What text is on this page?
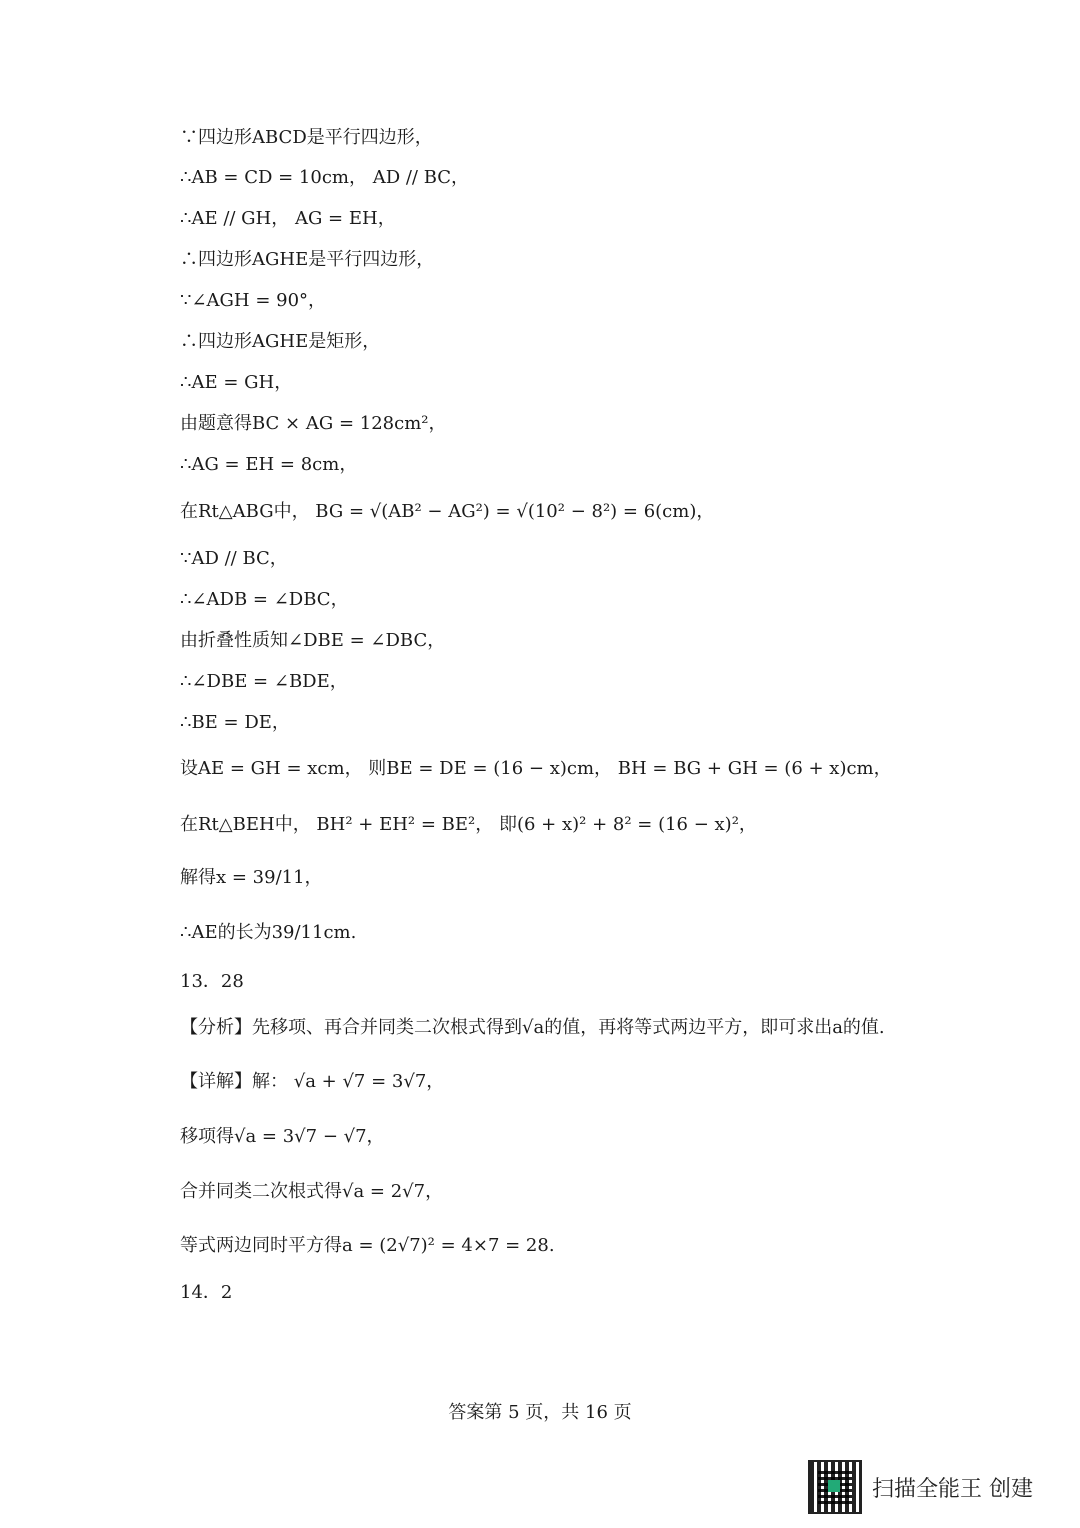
∵四边形ABCD是平行四边形，
∴AB = CD = 10cm， AD // BC，
∴AE // GH， AG = EH，
∴四边形AGHE是平行四边形，
∵∠AGH = 90°，
∴四边形AGHE是矩形，
∴AE = GH，
由题意得BC × AG = 128cm²，
∴AG = EH = 8cm，
在Rt△ABG中， BG = √(AB² − AG²) = √(10² − 8²) = 6(cm)，
∵AD // BC，
∴∠ADB = ∠DBC，
由折叠性质知∠DBE = ∠DBC，
∴∠DBE = ∠BDE，
∴BE = DE，
设AE = GH = xcm， 则BE = DE = (16 − x)cm， BH = BG + GH = (6 + x)cm，
在Rt△BEH中， BH² + EH² = BE²， 即(6 + x)² + 8² = (16 − x)²，
解得x = 39/11，
∴AE的长为39/11cm.
13．28
【分析】先移项、再合并同类二次根式得到√a的值，再将等式两边平方，即可求出a的值.
【详解】解： √a + √7 = 3√7，
移项得√a = 3√7 − √7，
合并同类二次根式得√a = 2√7，
等式两边同时平方得a = (2√7)² = 4×7 = 28.
14．2
答案第 5 页，共 16 页
扫描全能王 创建
